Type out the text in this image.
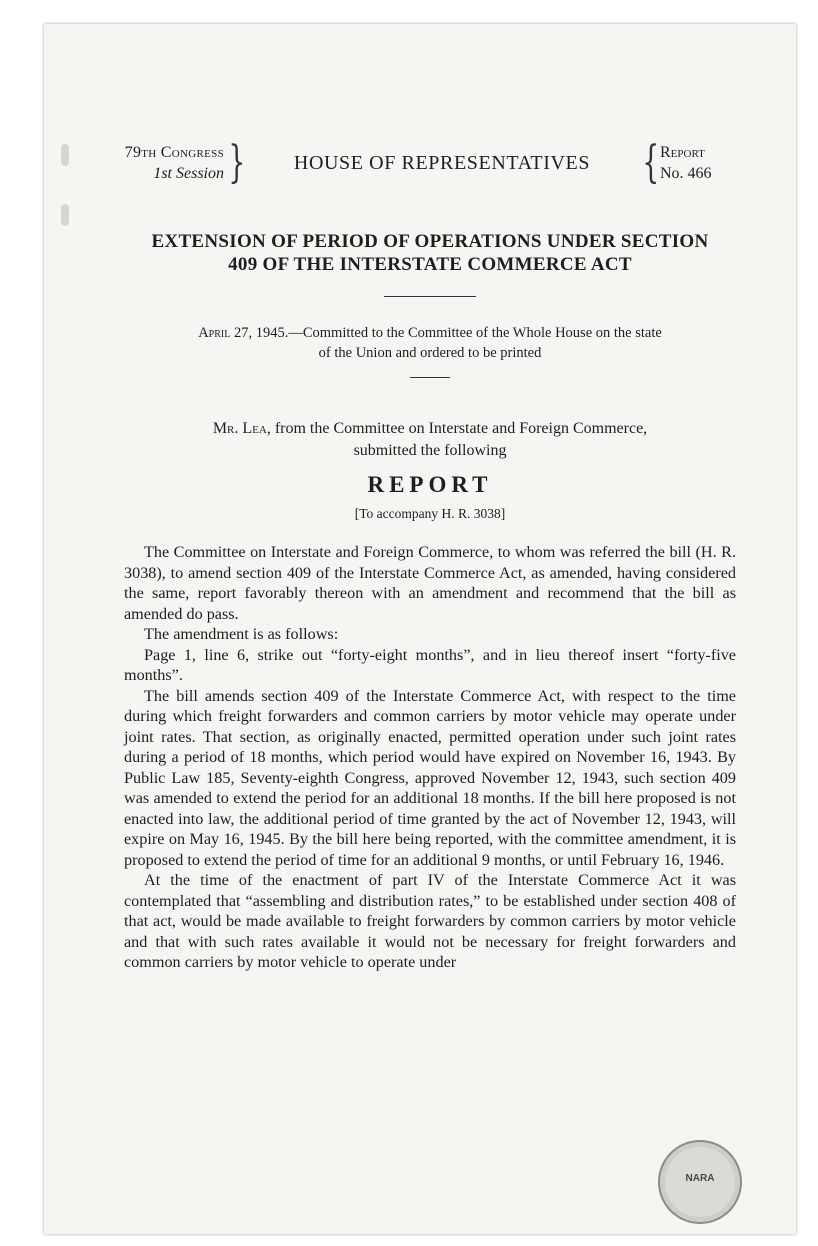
79th Congress
1st Session }	HOUSE OF REPRESENTATIVES	{ Report
No. 466
EXTENSION OF PERIOD OF OPERATIONS UNDER SECTION
409 OF THE INTERSTATE COMMERCE ACT
April 27, 1945.—Committed to the Committee of the Whole House on the state
of the Union and ordered to be printed
Mr. Lea, from the Committee on Interstate and Foreign Commerce,
submitted the following
REPORT
[To accompany H. R. 3038]

The Committee on Interstate and Foreign Commerce, to whom was referred the bill (H. R. 3038), to amend section 409 of the Interstate Commerce Act, as amended, having considered the same, report favorably thereon with an amendment and recommend that the bill as amended do pass.

The amendment is as follows:

Page 1, line 6, strike out “forty-eight months”, and in lieu thereof insert “forty-five months”.

The bill amends section 409 of the Interstate Commerce Act, with respect to the time during which freight forwarders and common carriers by motor vehicle may operate under joint rates. That section, as originally enacted, permitted operation under such joint rates during a period of 18 months, which period would have expired on November 16, 1943. By Public Law 185, Seventy-eighth Congress, approved November 12, 1943, such section 409 was amended to extend the period for an additional 18 months. If the bill here proposed is not enacted into law, the additional period of time granted by the act of November 12, 1943, will expire on May 16, 1945. By the bill here being reported, with the committee amendment, it is proposed to extend the period of time for an additional 9 months, or until February 16, 1946.

At the time of the enactment of part IV of the Interstate Commerce Act it was contemplated that “assembling and distribution rates,” to be established under section 408 of that act, would be made available to freight forwarders by common carriers by motor vehicle and that with such rates available it would not be necessary for freight forwarders and common carriers by motor vehicle to operate under

NARA
